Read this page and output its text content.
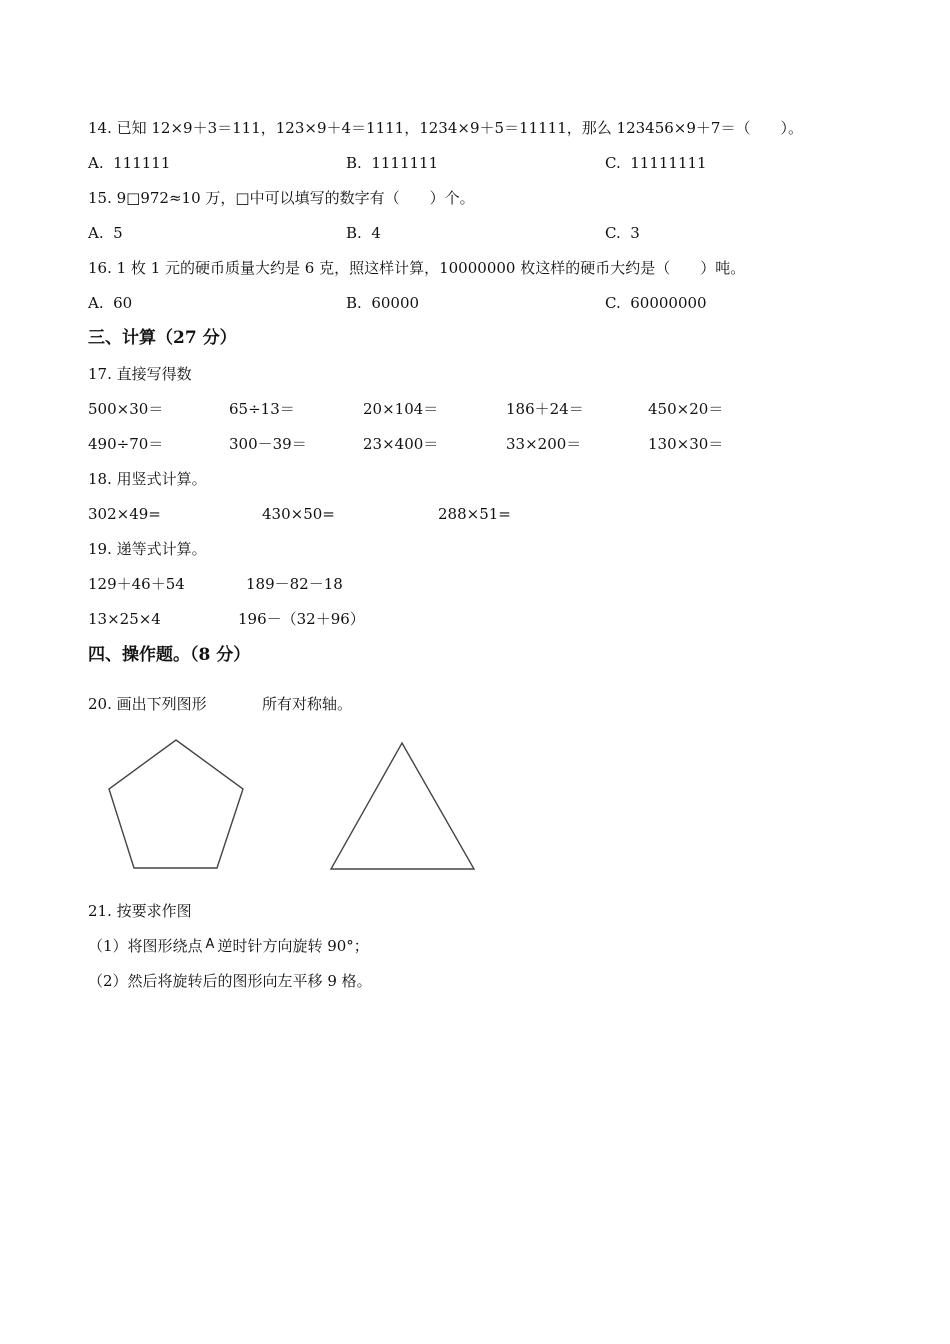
14. 已知 12×9＋3＝111，123×9＋4＝1111，1234×9＋5＝11111，那么 123456×9＋7＝（　　）。
A.  111111	B.  1111111	C.  11111111
15. 9□972≈10 万，□中可以填写的数字有（　　）个。
A.  5	B.  4	C.  3
16. 1 枚 1 元的硬币质量大约是 6 克，照这样计算，10000000 枚这样的硬币大约是（　　）吨。
A.  60	B.  60000	C.  60000000
三、计算（27 分）
17. 直接写得数
500×30＝	65÷13＝	20×104＝	186＋24＝	450×20＝
490÷70＝	300－39＝	23×400＝	33×200＝	130×30＝
18. 用竖式计算。
302×49=	430×50=	288×51=
19. 递等式计算。
129＋46＋54	189－82－18
13×25×4	196－（32＋96）
四、操作题。（8 分）
20. 画出下列图形	所有对称轴。
21. 按要求作图
（1）将图形绕点 A 逆时针方向旋转 90°；
（2）然后将旋转后的图形向左平移 9 格。
